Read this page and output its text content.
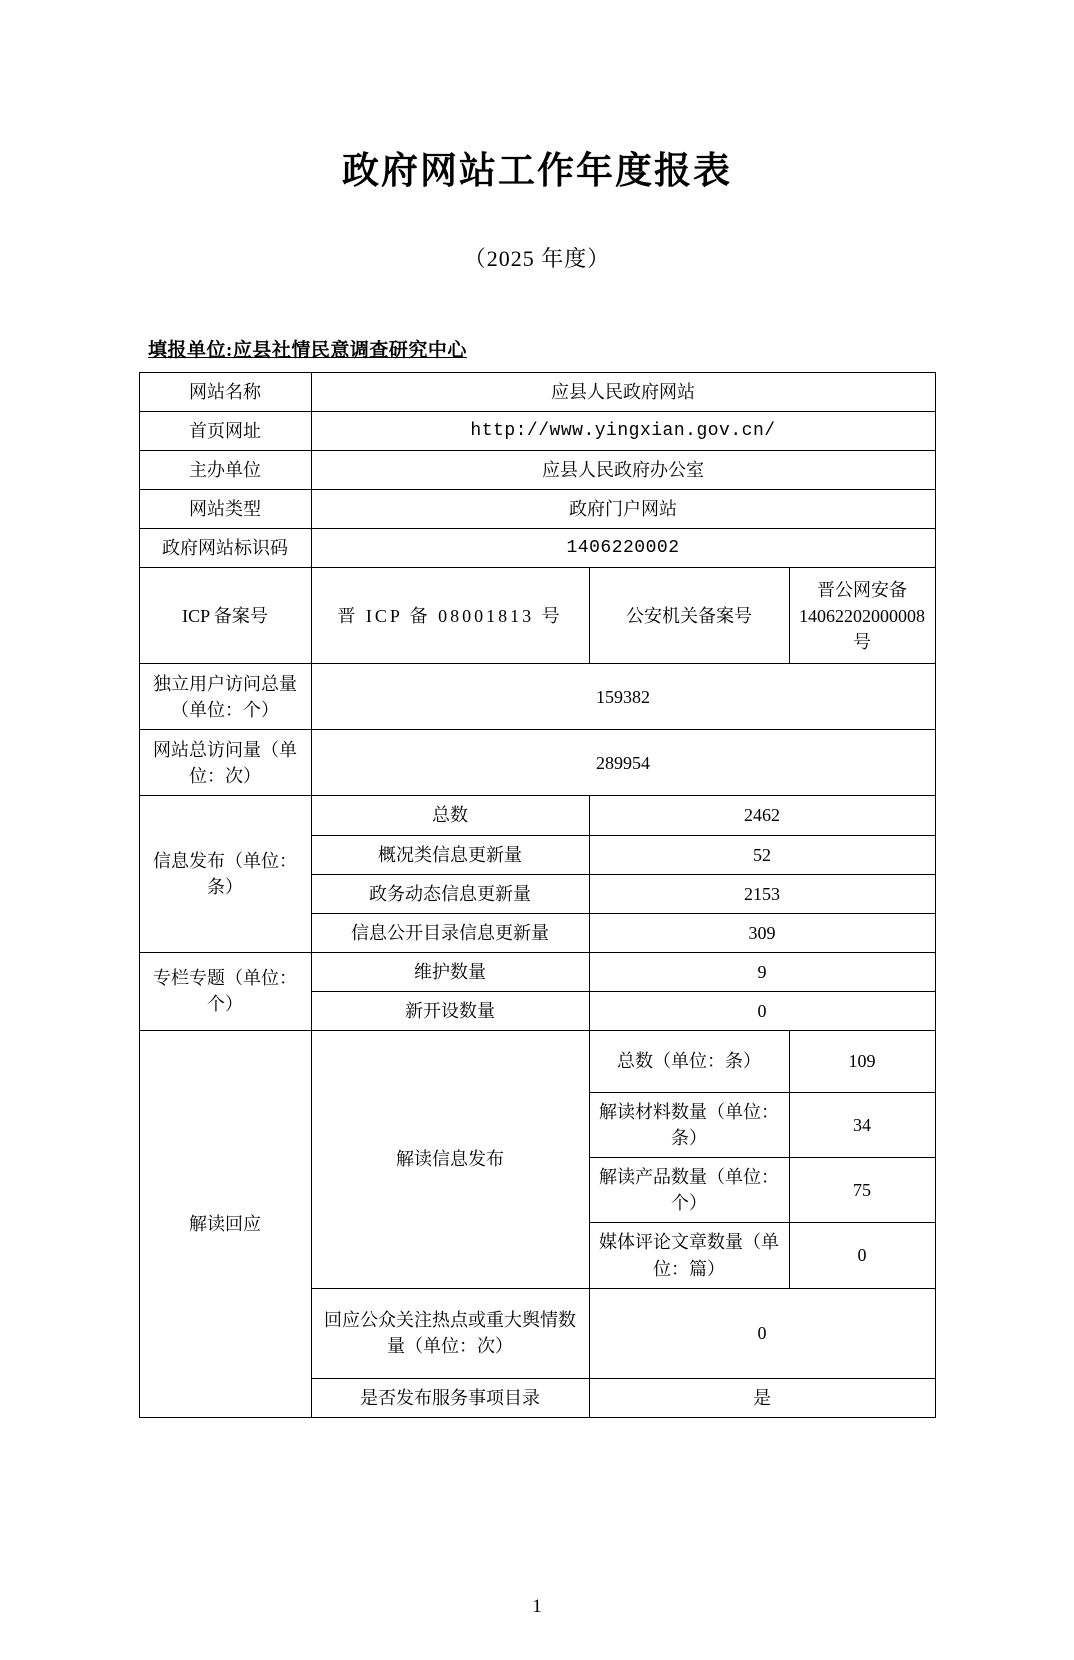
政府网站工作年度报表
（2025 年度）
填报单位:应县社情民意调查研究中心
网站名称	应县人民政府网站		
首页网址	http://www.yingxian.gov.cn/		
主办单位	应县人民政府办公室		
网站类型	政府门户网站		
政府网站标识码	1406220002		
ICP 备案号	晋 ICP 备 08001813 号	公安机关备案号	晋公网安备 14062202000008 号
独立用户访问总量（单位：个）	159382		
网站总访问量（单位：次）	289954		
信息发布（单位：条）	总数	2462	
	概况类信息更新量	52	
	政务动态信息更新量	2153	
	信息公开目录信息更新量	309	
专栏专题（单位：个）	维护数量	9	
	新开设数量	0	
解读回应	解读信息发布	总数（单位：条）	109
		解读材料数量（单位：条）	34
		解读产品数量（单位：个）	75
		媒体评论文章数量（单位：篇）	0
	回应公众关注热点或重大舆情数量（单位：次）	0	
	是否发布服务事项目录	是	
1
